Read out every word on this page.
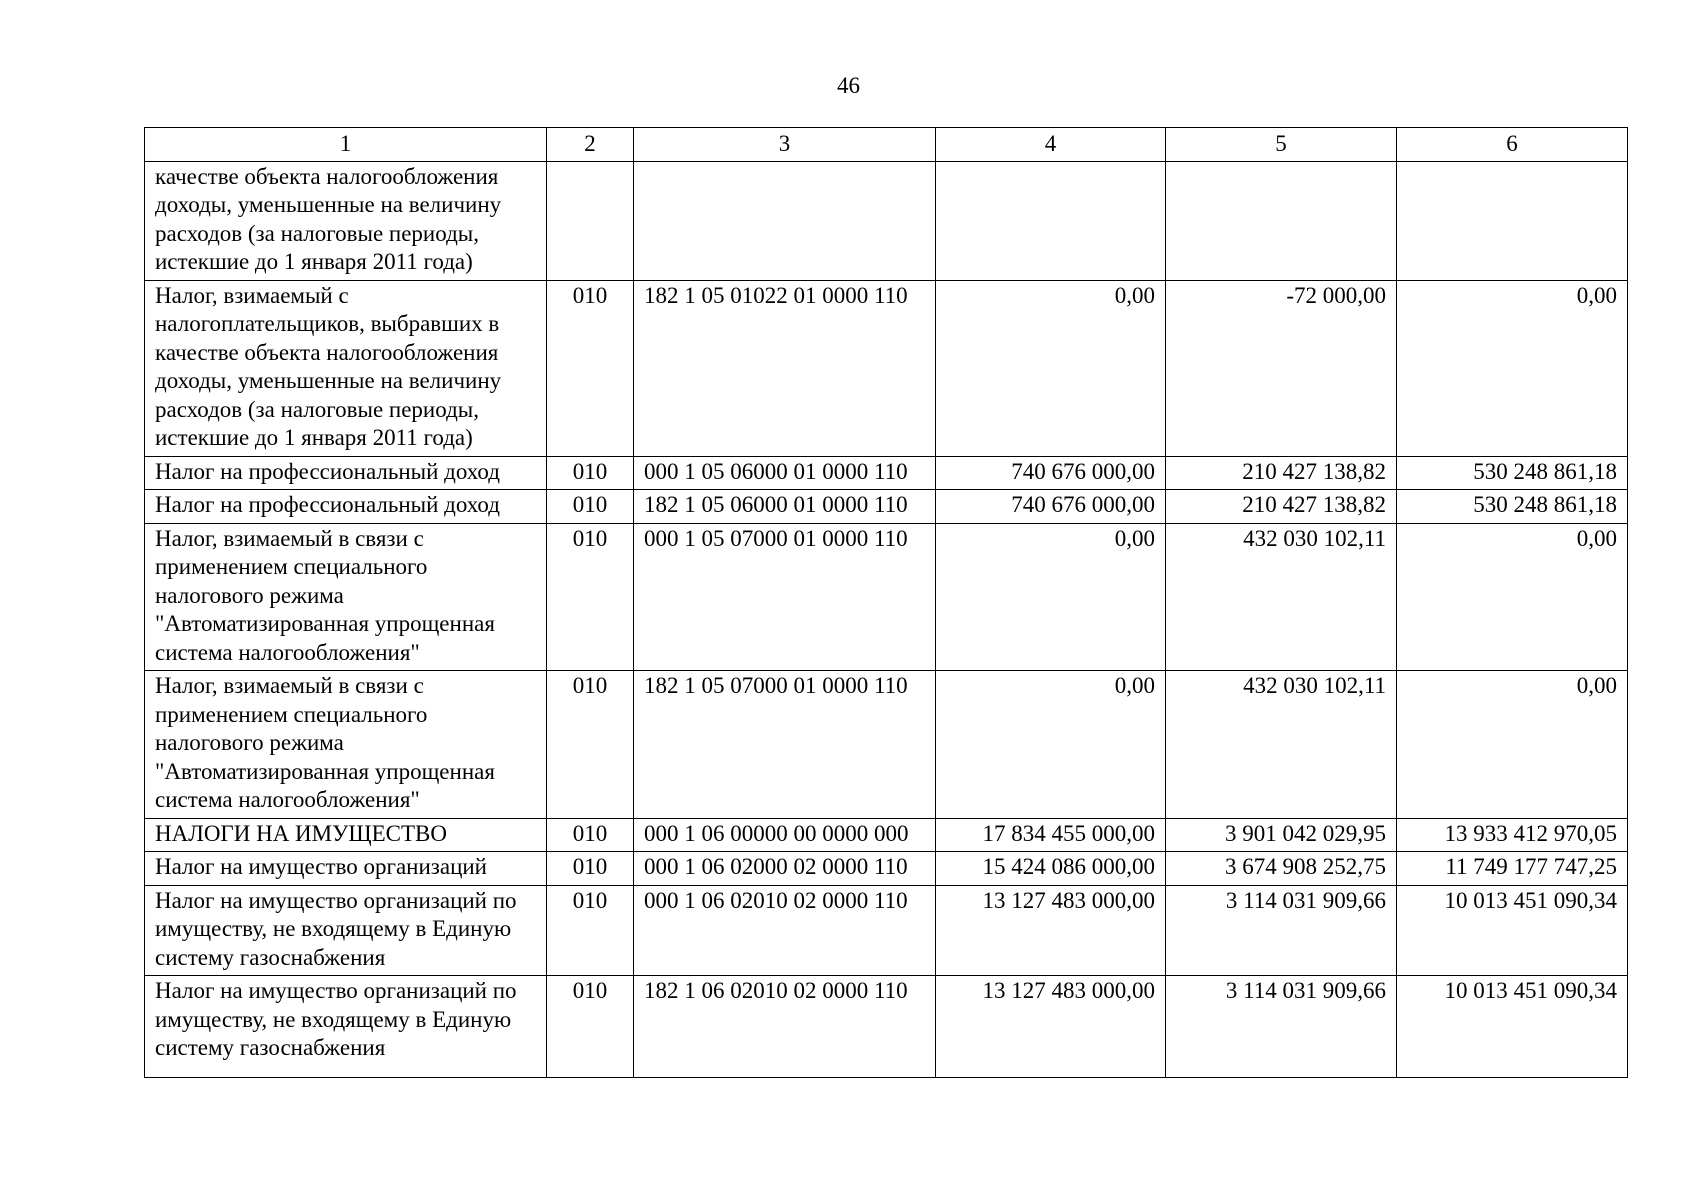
46
1	2	3	4	5	6
качестве объекта налогообложения доходы, уменьшенные на величину расходов (за налоговые периоды, истекшие до 1 января 2011 года)					
Налог, взимаемый с налогоплательщиков, выбравших в качестве объекта налогообложения доходы, уменьшенные на величину расходов (за налоговые периоды, истекшие до 1 января 2011 года)	010	182 1 05 01022 01 0000 110	0,00	-72 000,00	0,00
Налог на профессиональный доход	010	000 1 05 06000 01 0000 110	740 676 000,00	210 427 138,82	530 248 861,18
Налог на профессиональный доход	010	182 1 05 06000 01 0000 110	740 676 000,00	210 427 138,82	530 248 861,18
Налог, взимаемый в связи с применением специального налогового режима "Автоматизированная упрощенная система налогообложения"	010	000 1 05 07000 01 0000 110	0,00	432 030 102,11	0,00
Налог, взимаемый в связи с применением специального налогового режима "Автоматизированная упрощенная система налогообложения"	010	182 1 05 07000 01 0000 110	0,00	432 030 102,11	0,00
НАЛОГИ НА ИМУЩЕСТВО	010	000 1 06 00000 00 0000 000	17 834 455 000,00	3 901 042 029,95	13 933 412 970,05
Налог на имущество организаций	010	000 1 06 02000 02 0000 110	15 424 086 000,00	3 674 908 252,75	11 749 177 747,25
Налог на имущество организаций по имуществу, не входящему в Единую систему газоснабжения	010	000 1 06 02010 02 0000 110	13 127 483 000,00	3 114 031 909,66	10 013 451 090,34
Налог на имущество организаций по имуществу, не входящему в Единую систему газоснабжения	010	182 1 06 02010 02 0000 110	13 127 483 000,00	3 114 031 909,66	10 013 451 090,34
